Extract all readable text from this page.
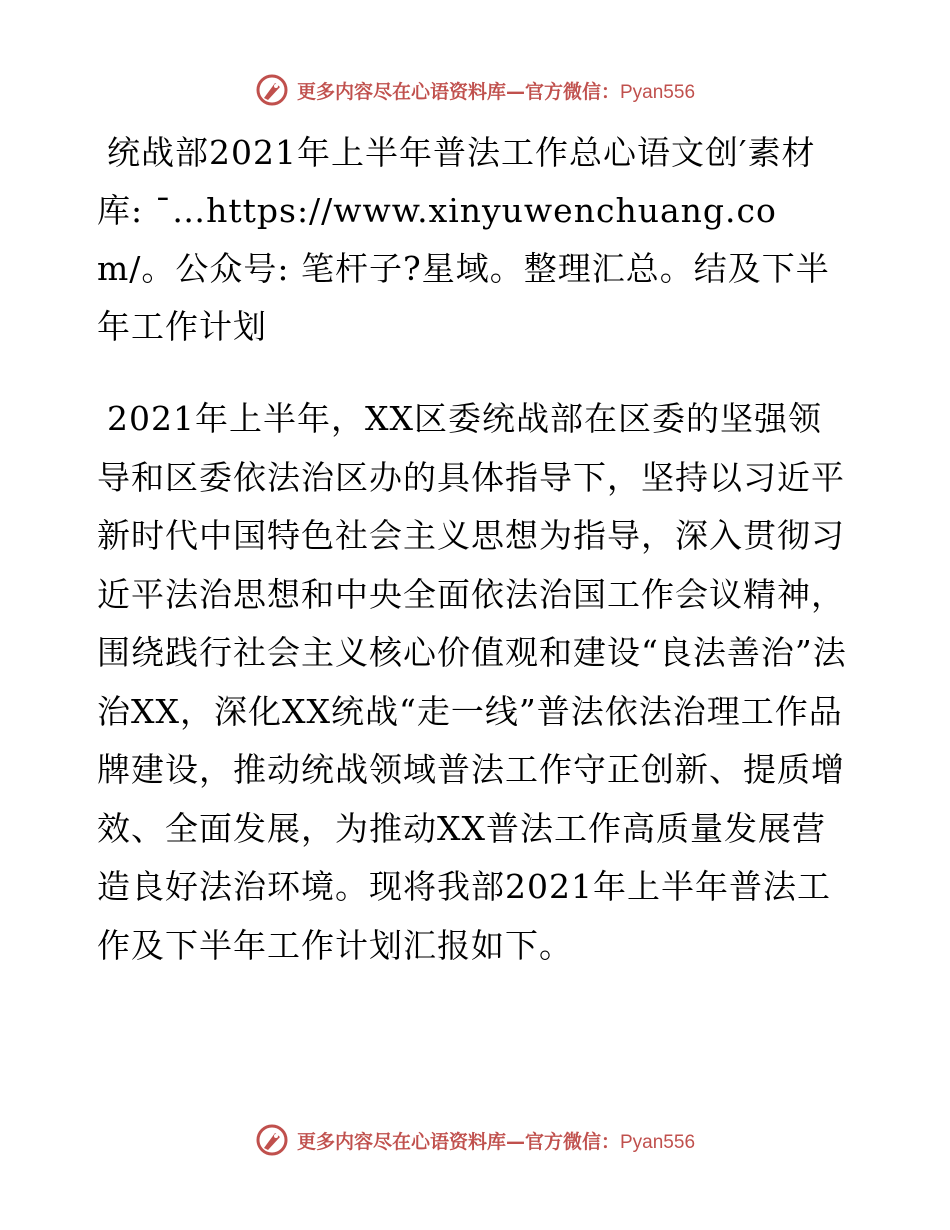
更多内容尽在心语资料库—官方微信：Pyan556
统战部2021年上半年普法工作总心语文创′素材库: ¯…https://www.xinyuwenchuang.com/。公众号: 笔杆子?星域。整理汇总。结及下半年工作计划

2021年上半年，XX区委统战部在区委的坚强领导和区委依法治区办的具体指导下，坚持以习近平新时代中国特色社会主义思想为指导，深入贯彻习近平法治思想和中央全面依法治国工作会议精神，围绕践行社会主义核心价值观和建设“良法善治”法治XX，深化XX统战“走一线”普法依法治理工作品牌建设，推动统战领域普法工作守正创新、提质增效、全面发展，为推动XX普法工作高质量发展营造良好法治环境。现将我部2021年上半年普法工作及下半年工作计划汇报如下。

更多内容尽在心语资料库—官方微信：Pyan556
